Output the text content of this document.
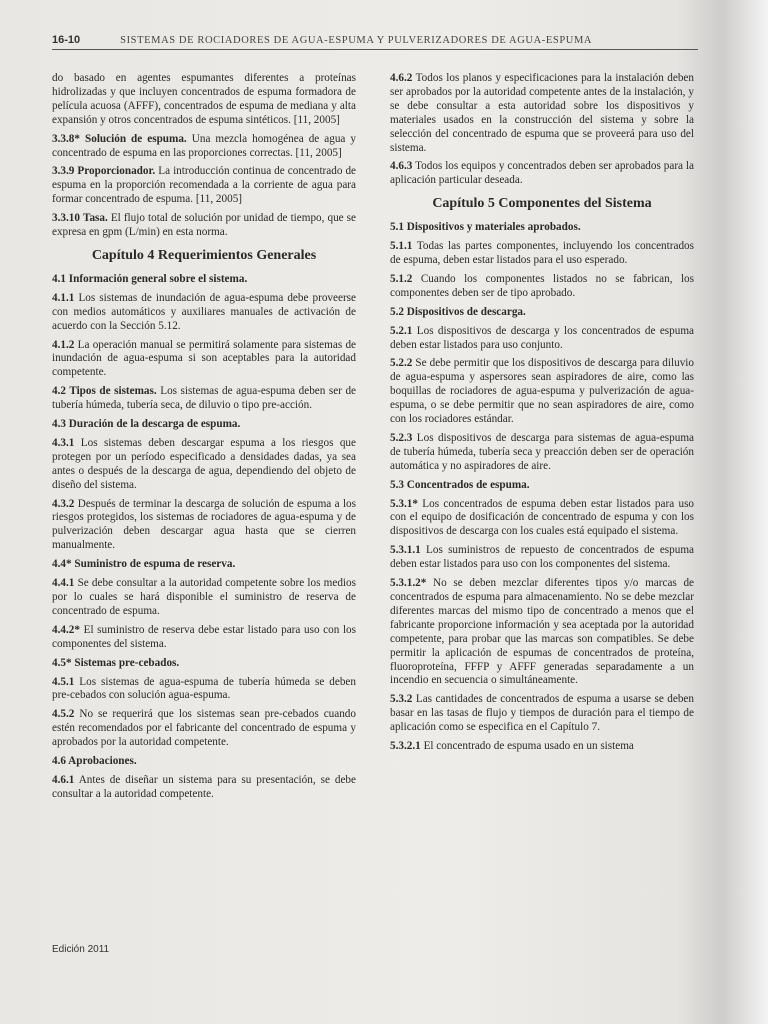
16-10	SISTEMAS DE ROCIADORES DE AGUA-ESPUMA Y PULVERIZADORES DE AGUA-ESPUMA

do basado en agentes espumantes diferentes a proteínas hidrolizadas y que incluyen concentrados de espuma formadora de película acuosa (AFFF), concentrados de espuma de mediana y alta expansión y otros concentrados de espuma sintéticos. [11, 2005]

3.3.8* Solución de espuma. Una mezcla homogénea de agua y concentrado de espuma en las proporciones correctas. [11, 2005]

3.3.9 Proporcionador. La introducción continua de concentrado de espuma en la proporción recomendada a la corriente de agua para formar concentrado de espuma. [11, 2005]

3.3.10 Tasa. El flujo total de solución por unidad de tiempo, que se expresa en gpm (L/min) en esta norma.

Capítulo 4 Requerimientos Generales

4.1 Información general sobre el sistema.

4.1.1 Los sistemas de inundación de agua-espuma debe proveerse con medios automáticos y auxiliares manuales de activación de acuerdo con la Sección 5.12.

4.1.2 La operación manual se permitirá solamente para sistemas de inundación de agua-espuma si son aceptables para la autoridad competente.

4.2 Tipos de sistemas. Los sistemas de agua-espuma deben ser de tubería húmeda, tubería seca, de diluvio o tipo pre-acción.

4.3 Duración de la descarga de espuma.

4.3.1 Los sistemas deben descargar espuma a los riesgos que protegen por un período especificado a densidades dadas, ya sea antes o después de la descarga de agua, dependiendo del objeto de diseño del sistema.

4.3.2 Después de terminar la descarga de solución de espuma a los riesgos protegidos, los sistemas de rociadores de agua-espuma y de pulverización deben descargar agua hasta que se cierren manualmente.

4.4* Suministro de espuma de reserva.

4.4.1 Se debe consultar a la autoridad competente sobre los medios por lo cuales se hará disponible el suministro de reserva de concentrado de espuma.

4.4.2* El suministro de reserva debe estar listado para uso con los componentes del sistema.

4.5* Sistemas pre-cebados.

4.5.1 Los sistemas de agua-espuma de tubería húmeda se deben pre-cebados con solución agua-espuma.

4.5.2 No se requerirá que los sistemas sean pre-cebados cuando estén recomendados por el fabricante del concentrado de espuma y aprobados por la autoridad competente.

4.6 Aprobaciones.

4.6.1 Antes de diseñar un sistema para su presentación, se debe consultar a la autoridad competente.

4.6.2 Todos los planos y especificaciones para la instalación deben ser aprobados por la autoridad competente antes de la instalación, y se debe consultar a esta autoridad sobre los dispositivos y materiales usados en la construcción del sistema y sobre la selección del concentrado de espuma que se proveerá para uso del sistema.

4.6.3 Todos los equipos y concentrados deben ser aprobados para la aplicación particular deseada.

Capítulo 5 Componentes del Sistema

5.1 Dispositivos y materiales aprobados.

5.1.1 Todas las partes componentes, incluyendo los concentrados de espuma, deben estar listados para el uso esperado.

5.1.2 Cuando los componentes listados no se fabrican, los componentes deben ser de tipo aprobado.

5.2 Dispositivos de descarga.

5.2.1 Los dispositivos de descarga y los concentrados de espuma deben estar listados para uso conjunto.

5.2.2 Se debe permitir que los dispositivos de descarga para diluvio de agua-espuma y aspersores sean aspiradores de aire, como las boquillas de rociadores de agua-espuma y pulverización de agua-espuma, o se debe permitir que no sean aspiradores de aire, como con los rociadores estándar.

5.2.3 Los dispositivos de descarga para sistemas de agua-espuma de tubería húmeda, tubería seca y preacción deben ser de operación automática y no aspiradores de aire.

5.3 Concentrados de espuma.

5.3.1* Los concentrados de espuma deben estar listados para uso con el equipo de dosificación de concentrado de espuma y con los dispositivos de descarga con los cuales está equipado el sistema.

5.3.1.1 Los suministros de repuesto de concentrados de espuma deben estar listados para uso con los componentes del sistema.

5.3.1.2* No se deben mezclar diferentes tipos y/o marcas de concentrados de espuma para almacenamiento. No se debe mezclar diferentes marcas del mismo tipo de concentrado a menos que el fabricante proporcione información y sea aceptada por la autoridad competente, para probar que las marcas son compatibles. Se debe permitir la aplicación de espumas de concentrados de proteína, fluoroproteína, FFFP y AFFF generadas separadamente a un incendio en secuencia o simultáneamente.

5.3.2 Las cantidades de concentrados de espuma a usarse se deben basar en las tasas de flujo y tiempos de duración para el tiempo de aplicación como se especifica en el Capítulo 7.

5.3.2.1 El concentrado de espuma usado en un sistema

Edición 2011
